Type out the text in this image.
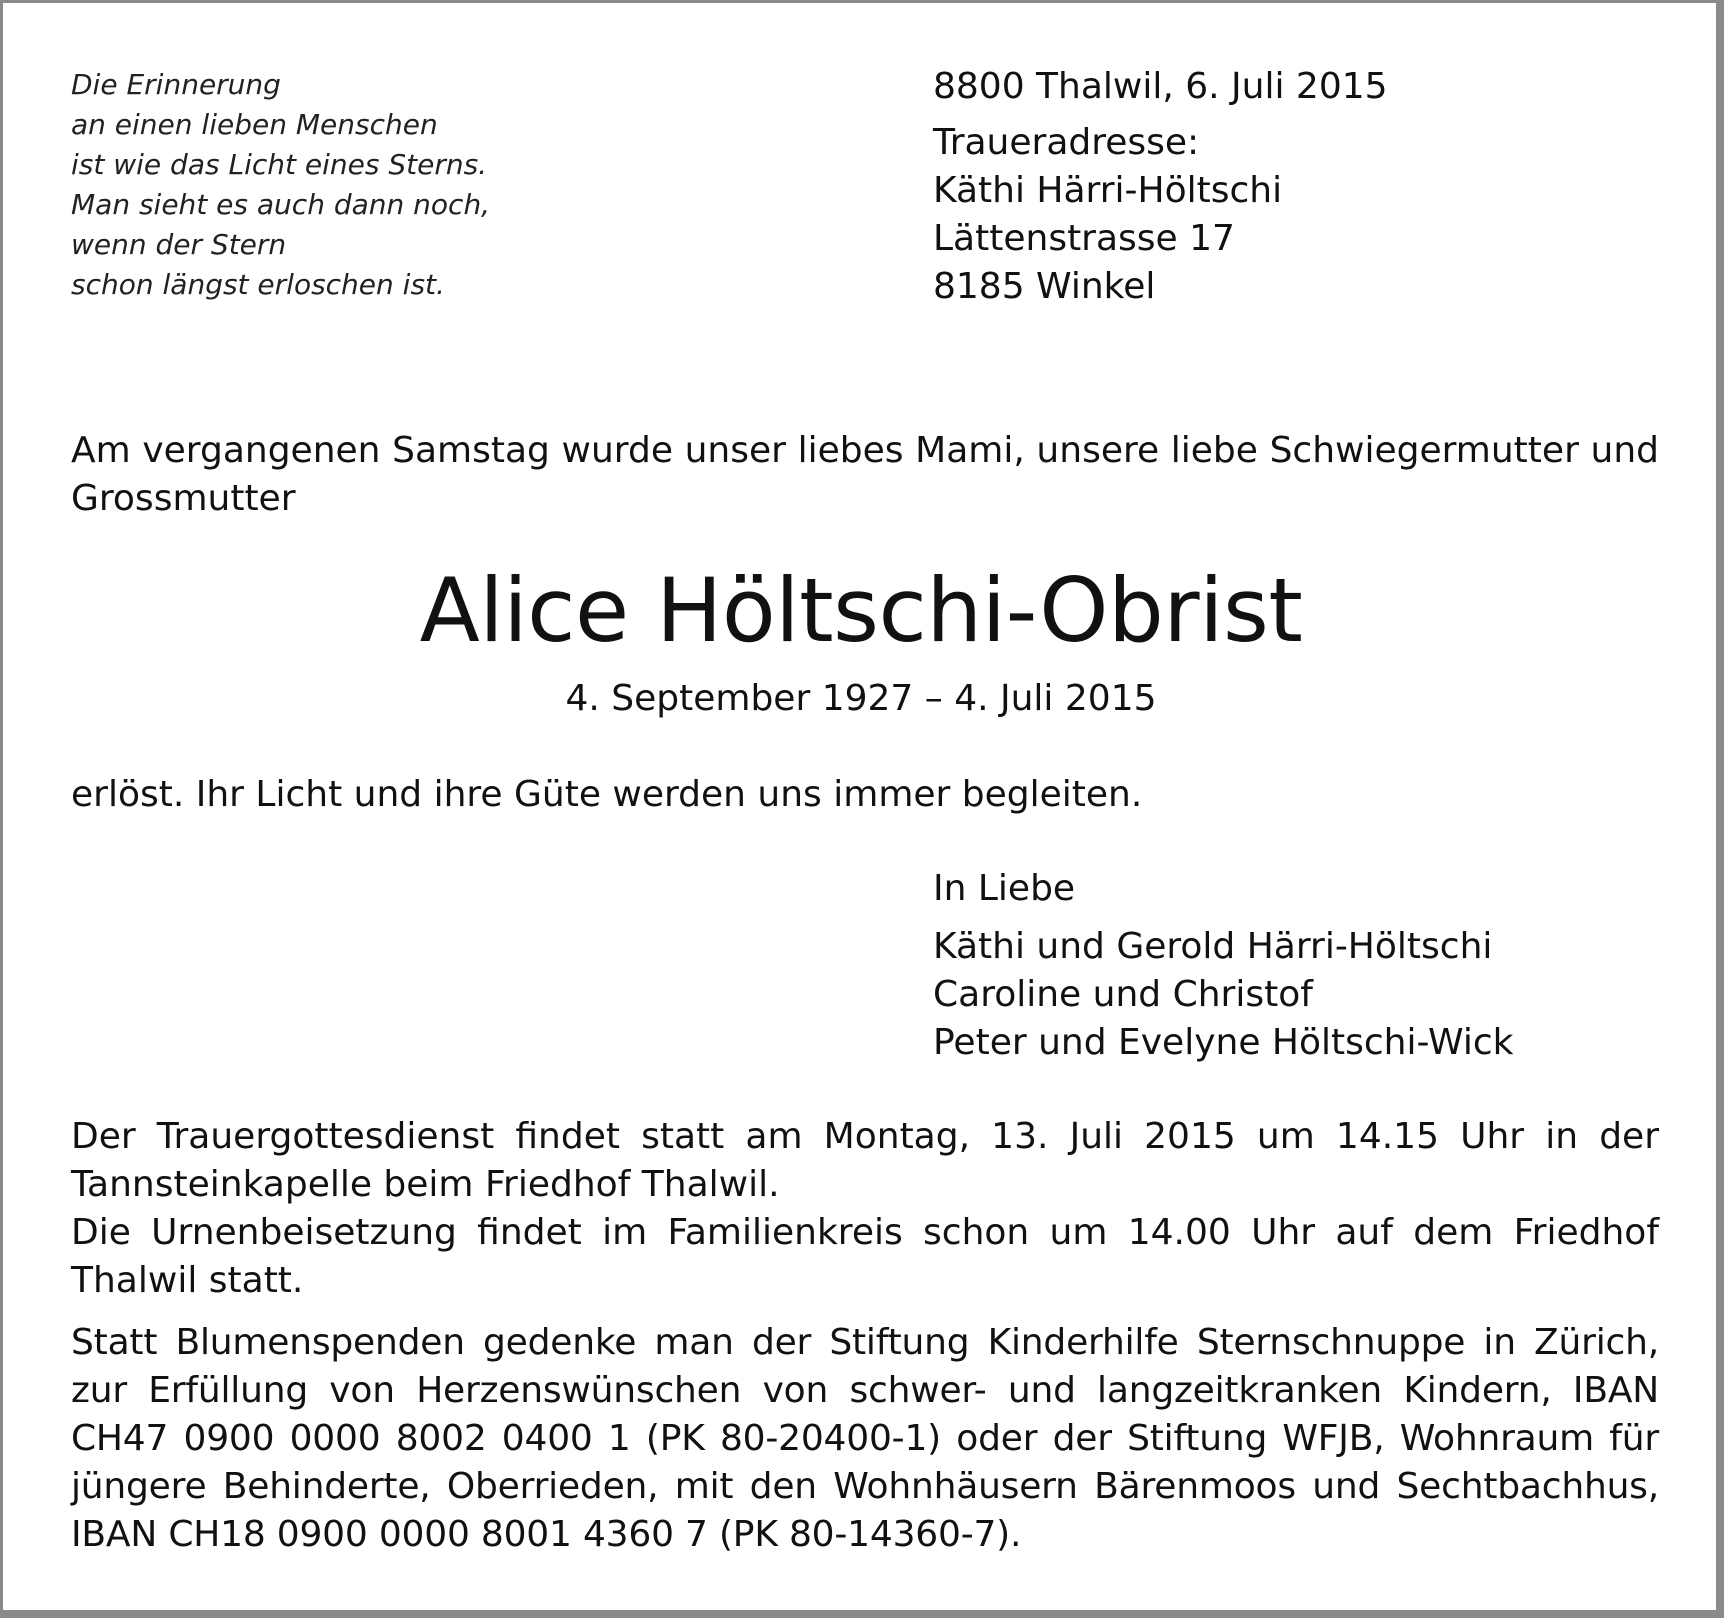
Die Erinnerung
an einen lieben Menschen
ist wie das Licht eines Sterns.
Man sieht es auch dann noch,
wenn der Stern
schon längst erloschen ist.
8800 Thalwil, 6. Juli 2015
Traueradresse:
Käthi Härri-Höltschi
Lättenstrasse 17
8185 Winkel
Am vergangenen Samstag wurde unser liebes Mami, unsere liebe Schwiegermutter und Grossmutter
Alice Höltschi-Obrist
4. September 1927 – 4. Juli 2015
erlöst. Ihr Licht und ihre Güte werden uns immer begleiten.
In Liebe
Käthi und Gerold Härri-Höltschi
Caroline und Christof
Peter und Evelyne Höltschi-Wick
Der Trauergottesdienst findet statt am Montag, 13. Juli 2015 um 14.15 Uhr in der Tannsteinkapelle beim Friedhof Thalwil.
Die Urnenbeisetzung findet im Familienkreis schon um 14.00 Uhr auf dem Friedhof Thalwil statt.
Statt Blumenspenden gedenke man der Stiftung Kinderhilfe Sternschnuppe in Zürich, zur Erfüllung von Herzenswünschen von schwer- und langzeitkranken Kindern, IBAN CH47 0900 0000 8002 0400 1 (PK 80-20400-1) oder der Stiftung WFJB, Wohnraum für jüngere Behinderte, Oberrieden, mit den Wohnhäusern Bärenmoos und Sechtbachhus, IBAN CH18 0900 0000 8001 4360 7 (PK 80-14360-7).
